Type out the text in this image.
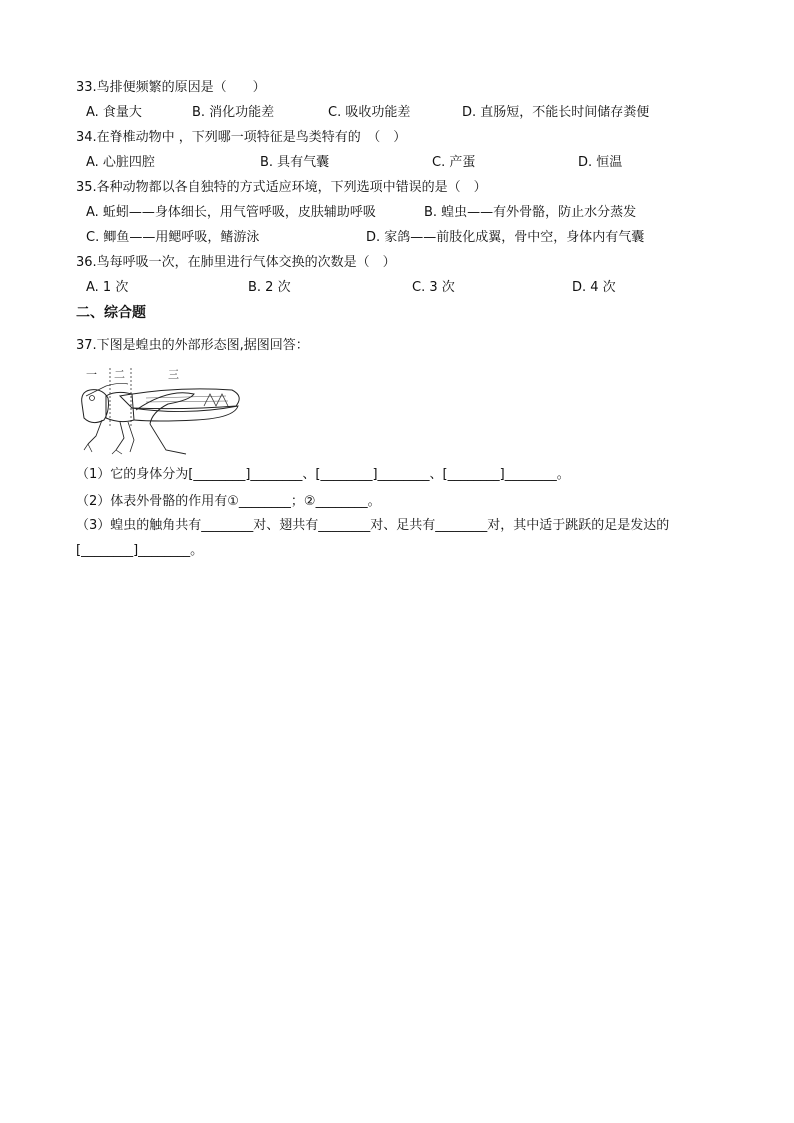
33.鸟排便频繁的原因是（　　）
A. 食量大	B. 消化功能差	C. 吸收功能差	D. 直肠短，不能长时间储存粪便
34.在脊椎动物中 ，下列哪一项特征是鸟类特有的　（　）
A. 心脏四腔	B. 具有气囊	C. 产蛋	D. 恒温
35.各种动物都以各自独特的方式适应环境，下列选项中错误的是（　）
A. 蚯蚓——身体细长，用气管呼吸，皮肤辅助呼吸	B. 蝗虫——有外骨骼，防止水分蒸发
C. 鲫鱼——用鳃呼吸，鳍游泳	D. 家鸽——前肢化成翼，骨中空，身体内有气囊
36.鸟每呼吸一次，在肺里进行气体交换的次数是（　）
A. 1 次	B. 2 次	C. 3 次	D. 4 次
二、综合题
37.下图是蝗虫的外部形态图,据图回答：
一 二	三
（1）它的身体分为[________]________、[________]________、[________]________。
（2）体表外骨骼的作用有①________；②________。
（3）蝗虫的触角共有________对、翅共有________对、足共有________对，其中适于跳跃的足是发达的
[________]________。
